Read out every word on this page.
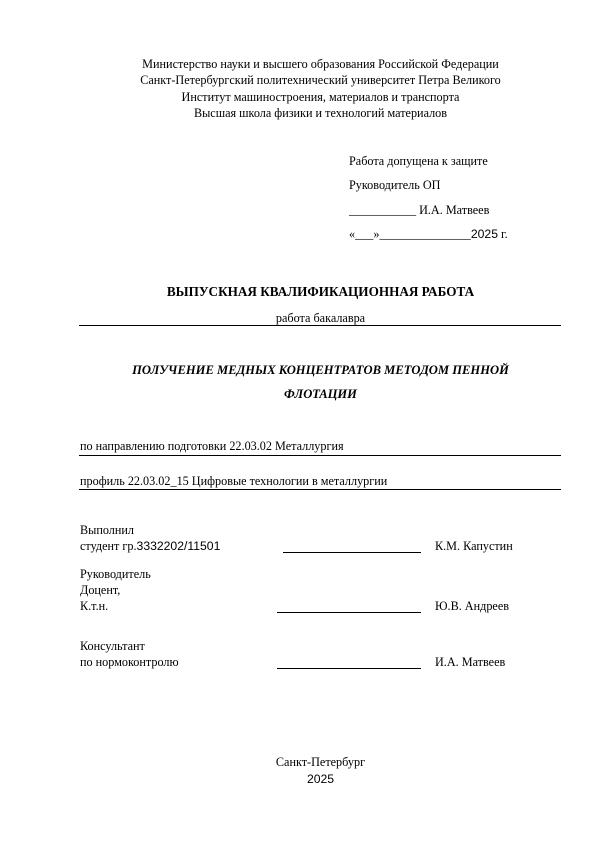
Министерство науки и высшего образования Российской Федерации
Санкт-Петербургский политехнический университет Петра Великого
Институт машиностроения, материалов и транспорта
Высшая школа физики и технологий материалов
Работа допущена к защите
Руководитель ОП
___________ И.А. Матвеев
«___»_______________2025 г.
ВЫПУСКНАЯ КВАЛИФИКАЦИОННАЯ РАБОТА
работа бакалавра
ПОЛУЧЕНИЕ МЕДНЫХ КОНЦЕНТРАТОВ МЕТОДОМ ПЕННОЙ
ФЛОТАЦИИ
по направлению подготовки 22.03.02 Металлургия
профиль 22.03.02_15 Цифровые технологии в металлургии
Выполнил
студент гр.3332202/11501	К.М. Капустин
Руководитель
Доцент,
К.т.н.	Ю.В. Андреев
Консультант
по нормоконтролю	И.А. Матвеев
Санкт-Петербург
2025
